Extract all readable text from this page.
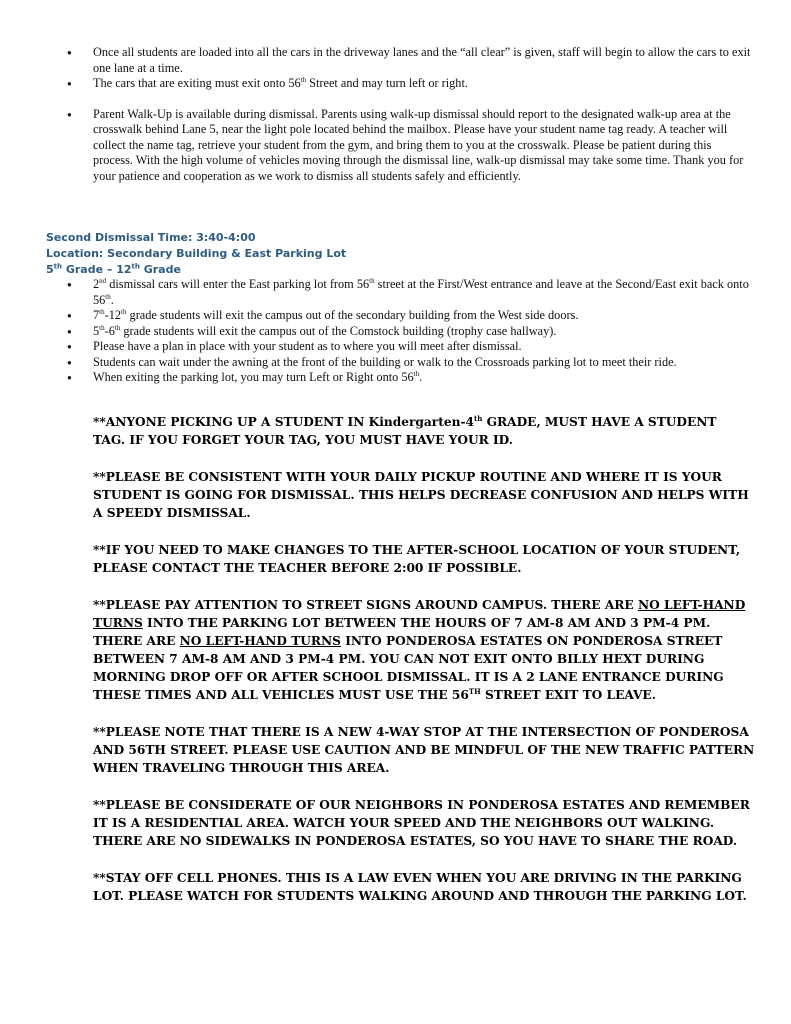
● Once all students are loaded into all the cars in the driveway lanes and the “all clear” is given, staff will begin to allow the cars to exit one lane at a time.
● The cars that are exiting must exit onto 56th Street and may turn left or right.
● Parent Walk-Up is available during dismissal. Parents using walk-up dismissal should report to the designated walk-up area at the crosswalk behind Lane 5, near the light pole located behind the mailbox. Please have your student name tag ready. A teacher will collect the name tag, retrieve your student from the gym, and bring them to you at the crosswalk. Please be patient during this process. With the high volume of vehicles moving through the dismissal line, walk-up dismissal may take some time. Thank you for your patience and cooperation as we work to dismiss all students safely and efficiently.
Second Dismissal Time: 3:40-4:00
Location: Secondary Building & East Parking Lot
5th Grade – 12th Grade
● 2nd dismissal cars will enter the East parking lot from 56th street at the First/West entrance and leave at the Second/East exit back onto 56th.
● 7th-12th grade students will exit the campus out of the secondary building from the West side doors.
● 5th-6th grade students will exit the campus out of the Comstock building (trophy case hallway).
● Please have a plan in place with your student as to where you will meet after dismissal.
● Students can wait under the awning at the front of the building or walk to the Crossroads parking lot to meet their ride.
● When exiting the parking lot, you may turn Left or Right onto 56th.
**ANYONE PICKING UP A STUDENT IN Kindergarten-4th GRADE, MUST HAVE A STUDENT
TAG. IF YOU FORGET YOUR TAG, YOU MUST HAVE YOUR ID.
**PLEASE BE CONSISTENT WITH YOUR DAILY PICKUP ROUTINE AND WHERE IT IS YOUR
STUDENT IS GOING FOR DISMISSAL. THIS HELPS DECREASE CONFUSION AND HELPS WITH
A SPEEDY DISMISSAL.
**IF YOU NEED TO MAKE CHANGES TO THE AFTER-SCHOOL LOCATION OF YOUR STUDENT,
PLEASE CONTACT THE TEACHER BEFORE 2:00 IF POSSIBLE.
**PLEASE PAY ATTENTION TO STREET SIGNS AROUND CAMPUS. THERE ARE NO LEFT-HAND
TURNS INTO THE PARKING LOT BETWEEN THE HOURS OF 7 AM-8 AM AND 3 PM-4 PM.
THERE ARE NO LEFT-HAND TURNS INTO PONDEROSA ESTATES ON PONDEROSA STREET
BETWEEN 7 AM-8 AM AND 3 PM-4 PM. YOU CAN NOT EXIT ONTO BILLY HEXT DURING
MORNING DROP OFF OR AFTER SCHOOL DISMISSAL. IT IS A 2 LANE ENTRANCE DURING
THESE TIMES AND ALL VEHICLES MUST USE THE 56TH STREET EXIT TO LEAVE.
**PLEASE NOTE THAT THERE IS A NEW 4-WAY STOP AT THE INTERSECTION OF PONDEROSA
AND 56TH STREET. PLEASE USE CAUTION AND BE MINDFUL OF THE NEW TRAFFIC PATTERN
WHEN TRAVELING THROUGH THIS AREA.
**PLEASE BE CONSIDERATE OF OUR NEIGHBORS IN PONDEROSA ESTATES AND REMEMBER
IT IS A RESIDENTIAL AREA. WATCH YOUR SPEED AND THE NEIGHBORS OUT WALKING.
THERE ARE NO SIDEWALKS IN PONDEROSA ESTATES, SO YOU HAVE TO SHARE THE ROAD.
**STAY OFF CELL PHONES. THIS IS A LAW EVEN WHEN YOU ARE DRIVING IN THE PARKING
LOT. PLEASE WATCH FOR STUDENTS WALKING AROUND AND THROUGH THE PARKING LOT.
